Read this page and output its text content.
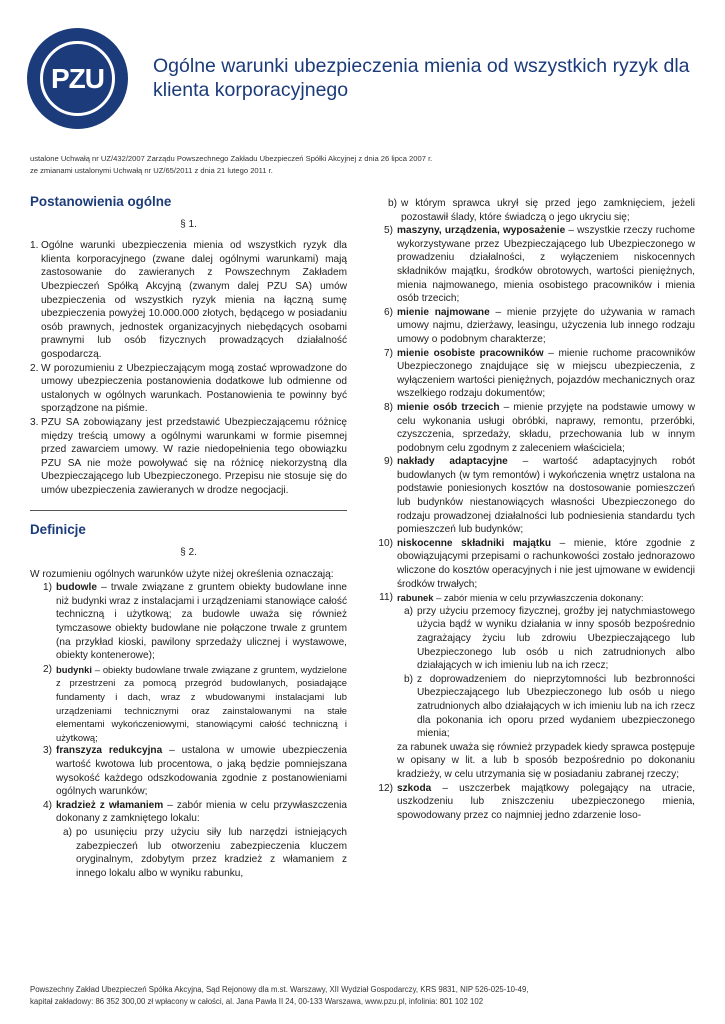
PZU	Ogólne warunki ubezpieczenia mienia od wszystkich ryzyk dla klienta korporacyjnego
ustalone Uchwałą nr UZ/432/2007 Zarządu Powszechnego Zakładu Ubezpieczeń Spółki Akcyjnej z dnia 26 lipca 2007 r.
ze zmianami ustalonymi Uchwałą nr UZ/65/2011 z dnia 21 lutego 2011 r.
Postanowienia ogólne
§ 1.
1. Ogólne warunki ubezpieczenia mienia od wszystkich ryzyk dla klienta korporacyjnego (zwane dalej ogólnymi warunkami) mają zastosowanie do zawieranych z Powszechnym Zakładem Ubezpieczeń Spółką Akcyjną (zwanym dalej PZU SA) umów ubezpieczenia od wszystkich ryzyk mienia na łączną sumę ubezpieczenia powyżej 10.000.000 złotych, będącego w posiadaniu osób prawnych, jednostek organizacyjnych niebędących osobami prawnymi lub osób fizycznych prowadzących działalność gospodarczą.
2. W porozumieniu z Ubezpieczającym mogą zostać wprowadzone do umowy ubezpieczenia postanowienia dodatkowe lub odmienne od ustalonych w ogólnych warunkach. Postanowienia te powinny być sporządzone na piśmie.
3. PZU SA zobowiązany jest przedstawić Ubezpieczającemu różnicę między treścią umowy a ogólnymi warunkami w formie pisemnej przed zawarciem umowy. W razie niedopełnienia tego obowiązku PZU SA nie może powoływać się na różnicę niekorzystną dla Ubezpieczającego lub Ubezpieczonego. Przepisu nie stosuje się do umów ubezpieczenia zawieranych w drodze negocjacji.
Definicje
§ 2.
W rozumieniu ogólnych warunków użyte niżej określenia oznaczają:
1) budowle – trwale związane z gruntem obiekty budowlane inne niż budynki wraz z instalacjami i urządzeniami stanowiące całość techniczną i użytkową; za budowle uważa się również tymczasowe obiekty budowlane nie połączone trwale z gruntem (na przykład kioski, pawilony sprzedaży ulicznej i wystawowe, obiekty kontenerowe);
2) budynki – obiekty budowlane trwale związane z gruntem, wydzielone z przestrzeni za pomocą przegród budowlanych, posiadające fundamenty i dach, wraz z wbudowanymi instalacjami lub urządzeniami technicznymi oraz zainstalowanymi na stałe elementami wykończeniowymi, stanowiącymi całość techniczną i użytkową;
3) franszyza redukcyjna – ustalona w umowie ubezpieczenia wartość kwotowa lub procentowa, o jaką będzie pomniejszana wysokość każdego odszkodowania zgodnie z postanowieniami ogólnych warunków;
4) kradzież z włamaniem – zabór mienia w celu przywłaszczenia dokonany z zamkniętego lokalu:
a) po usunięciu przy użyciu siły lub narzędzi istniejących zabezpieczeń lub otworzeniu zabezpieczenia kluczem oryginalnym, zdobytym przez kradzież z włamaniem z innego lokalu albo w wyniku rabunku,
b) w którym sprawca ukrył się przed jego zamknięciem, jeżeli pozostawił ślady, które świadczą o jego ukryciu się;
5) maszyny, urządzenia, wyposażenie – wszystkie rzeczy ruchome wykorzystywane przez Ubezpieczającego lub Ubezpieczonego w prowadzeniu działalności, z wyłączeniem niskocennych składników majątku, środków obrotowych, wartości pieniężnych, mienia najmowanego, mienia osobistego pracowników i mienia osób trzecich;
6) mienie najmowane – mienie przyjęte do używania w ramach umowy najmu, dzierżawy, leasingu, użyczenia lub innego rodzaju umowy o podobnym charakterze;
7) mienie osobiste pracowników – mienie ruchome pracowników Ubezpieczonego znajdujące się w miejscu ubezpieczenia, z wyłączeniem wartości pieniężnych, pojazdów mechanicznych oraz wszelkiego rodzaju dokumentów;
8) mienie osób trzecich – mienie przyjęte na podstawie umowy w celu wykonania usługi obróbki, naprawy, remontu, przeróbki, czyszczenia, sprzedaży, składu, przechowania lub w innym podobnym celu zgodnym z zaleceniem właściciela;
9) nakłady adaptacyjne – wartość adaptacyjnych robót budowlanych (w tym remontów) i wykończenia wnętrz ustalona na podstawie poniesionych kosztów na dostosowanie pomieszczeń lub budynków niestanowiących własności Ubezpieczonego do rodzaju prowadzonej działalności lub podniesienia standardu tych pomieszczeń lub budynków;
10) niskocenne składniki majątku – mienie, które zgodnie z obowiązującymi przepisami o rachunkowości zostało jednorazowo wliczone do kosztów operacyjnych i nie jest ujmowane w ewidencji środków trwałych;
11) rabunek – zabór mienia w celu przywłaszczenia dokonany:
a) przy użyciu przemocy fizycznej, groźby jej natychmiastowego użycia bądź w wyniku działania w inny sposób bezpośrednio zagrażający życiu lub zdrowiu Ubezpieczającego lub Ubezpieczonego lub osób u nich zatrudnionych albo działających w ich imieniu lub na ich rzecz;
b) z doprowadzeniem do nieprzytomności lub bezbronności Ubezpieczającego lub Ubezpieczonego lub osób u niego zatrudnionych albo działających w ich imieniu lub na ich rzecz dla pokonania ich oporu przed wydaniem ubezpieczonego mienia;
za rabunek uważa się również przypadek kiedy sprawca postępuje w opisany w lit. a lub b sposób bezpośrednio po dokonaniu kradzieży, w celu utrzymania się w posiadaniu zabranej rzeczy;
12) szkoda – uszczerbek majątkowy polegający na utracie, uszkodzeniu lub zniszczeniu ubezpieczonego mienia, spowodowany przez co najmniej jedno zdarzenie loso-
Powszechny Zakład Ubezpieczeń Spółka Akcyjna, Sąd Rejonowy dla m.st. Warszawy, XII Wydział Gospodarczy, KRS 9831, NIP 526-025-10-49,
kapitał zakładowy: 86 352 300,00 zł wpłacony w całości, al. Jana Pawła II 24, 00-133 Warszawa, www.pzu.pl, infolinia: 801 102 102
